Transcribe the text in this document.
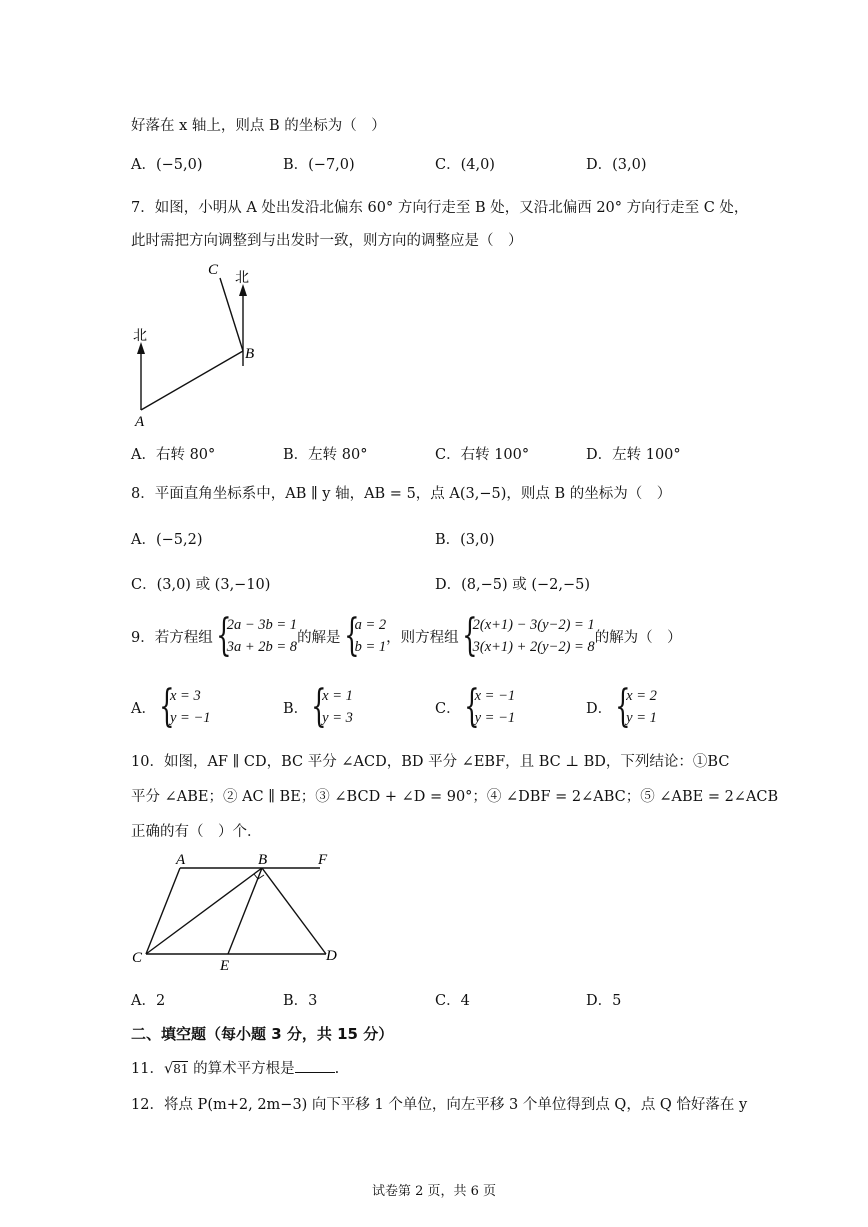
好落在 x 轴上，则点 B 的坐标为（　）
A．(−5,0)	B．(−7,0)	C．(4,0)	D．(3,0)
7．如图，小明从 A 处出发沿北偏东 60° 方向行走至 B 处，又沿北偏西 20° 方向行走至 C 处，
此时需把方向调整到与出发时一致，则方向的调整应是（　）
北
北
A
B
C
A．右转 80°	B．左转 80°	C．右转 100°	D．左转 100°
8．平面直角坐标系中，AB ∥ y 轴，AB = 5，点 A(3,−5)，则点 B 的坐标为（　）
A．(−5,2)	B．(3,0)
C．(3,0) 或 (3,−10)	D．(8,−5) 或 (−2,−5)
9．若方程组 {
2a − 3b = 1
3a + 2b = 8
的解是 {
a = 2
b = 1
，则方程组 {
2(x+1) − 3(y−2) = 1
3(x+1) + 2(y−2) = 8
的解为（　）
A． {
x = 3
y = −1
B． {
x = 1
y = 3
C． {
x = −1
y = −1
D． {
x = 2
y = 1
10．如图，AF ∥ CD，BC 平分 ∠ACD，BD 平分 ∠EBF，且 BC ⊥ BD，下列结论：①BC
平分 ∠ABE；② AC ∥ BE；③ ∠BCD + ∠D = 90°；④ ∠DBF = 2∠ABC；⑤ ∠ABE = 2∠ACB
正确的有（　）个．
A	B	F
C	E
D
A．2	B．3	C．4	D．5
二、填空题（每小题 3 分，共 15 分）
11．√81 的算术平方根是	.
12．将点 P(m+2, 2m−3) 向下平移 1 个单位，向左平移 3 个单位得到点 Q，点 Q 恰好落在 y
试卷第 2 页，共 6 页
